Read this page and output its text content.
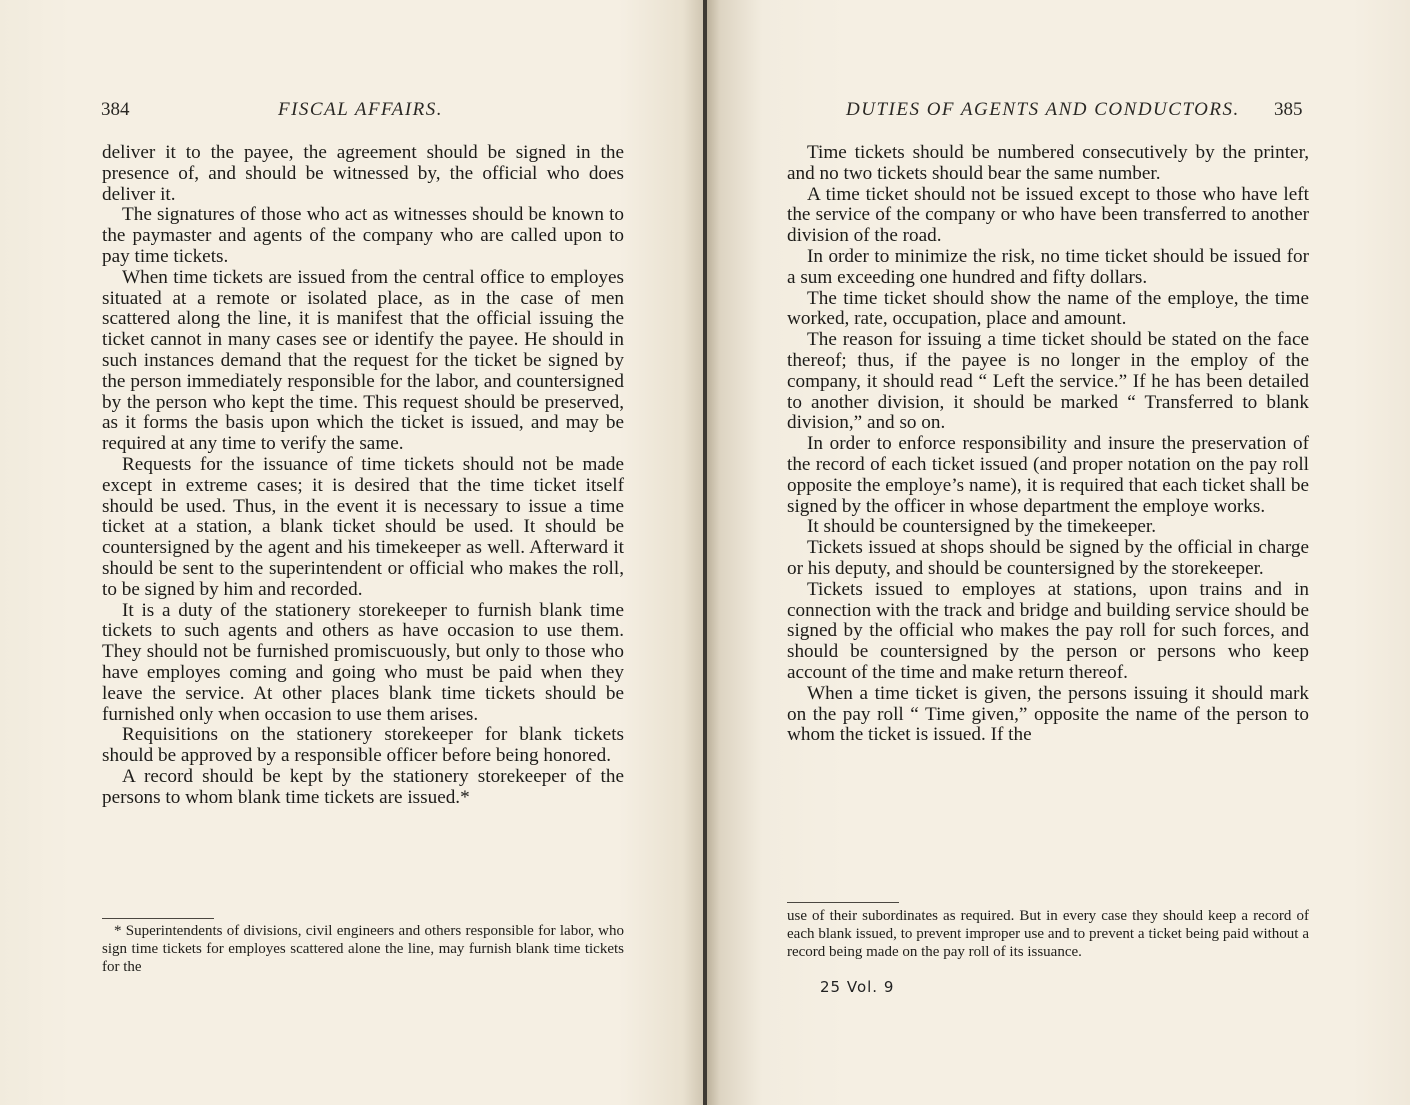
384	FISCAL AFFAIRS.

deliver it to the payee, the agreement should be signed in the presence of, and should be witnessed by, the official who does deliver it.

The signatures of those who act as witnesses should be known to the paymaster and agents of the company who are called upon to pay time tickets.

When time tickets are issued from the central office to employes situated at a remote or isolated place, as in the case of men scattered along the line, it is manifest that the official issuing the ticket cannot in many cases see or identify the payee. He should in such instances demand that the request for the ticket be signed by the person immediately responsible for the labor, and countersigned by the person who kept the time. This request should be preserved, as it forms the basis upon which the ticket is issued, and may be required at any time to verify the same.

Requests for the issuance of time tickets should not be made except in extreme cases; it is desired that the time ticket itself should be used. Thus, in the event it is necessary to issue a time ticket at a station, a blank ticket should be used. It should be countersigned by the agent and his timekeeper as well. Afterward it should be sent to the superintendent or official who makes the roll, to be signed by him and recorded.

It is a duty of the stationery storekeeper to furnish blank time tickets to such agents and others as have occasion to use them. They should not be furnished promiscuously, but only to those who have employes coming and going who must be paid when they leave the service. At other places blank time tickets should be furnished only when occasion to use them arises.

Requisitions on the stationery storekeeper for blank tickets should be approved by a responsible officer before being honored.

A record should be kept by the stationery storekeeper of the persons to whom blank time tickets are issued.*

* Superintendents of divisions, civil engineers and others responsible for labor, who sign time tickets for employes scattered alone the line, may furnish blank time tickets for the
DUTIES OF AGENTS AND CONDUCTORS. 385

Time tickets should be numbered consecutively by the printer, and no two tickets should bear the same number.

A time ticket should not be issued except to those who have left the service of the company or who have been transferred to another division of the road.

In order to minimize the risk, no time ticket should be issued for a sum exceeding one hundred and fifty dollars.

The time ticket should show the name of the employe, the time worked, rate, occupation, place and amount.

The reason for issuing a time ticket should be stated on the face thereof; thus, if the payee is no longer in the employ of the company, it should read “ Left the service.” If he has been detailed to another division, it should be marked “ Transferred to blank division,” and so on.

In order to enforce responsibility and insure the preservation of the record of each ticket issued (and proper notation on the pay roll opposite the employe’s name), it is required that each ticket shall be signed by the officer in whose department the employe works.

It should be countersigned by the timekeeper.

Tickets issued at shops should be signed by the official in charge or his deputy, and should be countersigned by the storekeeper.

Tickets issued to employes at stations, upon trains and in connection with the track and bridge and building service should be signed by the official who makes the pay roll for such forces, and should be countersigned by the person or persons who keep account of the time and make return thereof.

When a time ticket is given, the persons issuing it should mark on the pay roll “ Time given,” opposite the name of the person to whom the ticket is issued. If the

use of their subordinates as required. But in every case they should keep a record of each blank issued, to prevent improper use and to prevent a ticket being paid without a record being made on the pay roll of its issuance.
25 Vol. 9
